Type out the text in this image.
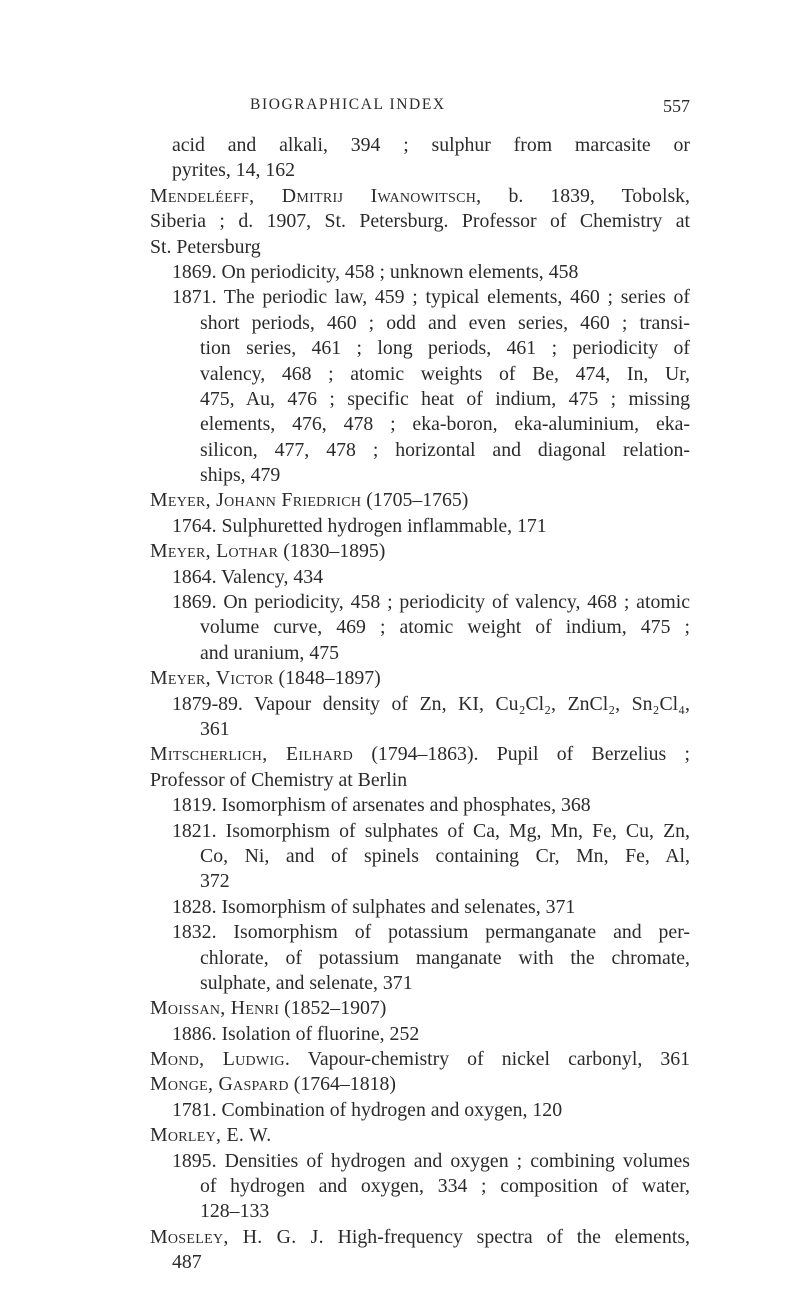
BIOGRAPHICAL INDEX	557
acid and alkali, 394 ; sulphur from marcasite or
pyrites, 14, 162
Mendeléeff, Dmitrij Iwanowitsch, b. 1839, Tobolsk,
Siberia ; d. 1907, St. Petersburg. Professor of Chemistry at
St. Petersburg
1869. On periodicity, 458 ; unknown elements, 458
1871. The periodic law, 459 ; typical elements, 460 ; series of
short periods, 460 ; odd and even series, 460 ; transi-
tion series, 461 ; long periods, 461 ; periodicity of
valency, 468 ; atomic weights of Be, 474, In, Ur,
475, Au, 476 ; specific heat of indium, 475 ; missing
elements, 476, 478 ; eka-boron, eka-aluminium, eka-
silicon, 477, 478 ; horizontal and diagonal relation-
ships, 479
Meyer, Johann Friedrich (1705–1765)
1764. Sulphuretted hydrogen inflammable, 171
Meyer, Lothar (1830–1895)
1864. Valency, 434
1869. On periodicity, 458 ; periodicity of valency, 468 ; atomic
volume curve, 469 ; atomic weight of indium, 475 ;
and uranium, 475
Meyer, Victor (1848–1897)
1879-89. Vapour density of Zn, KI, Cu₂Cl₂, ZnCl₂, Sn₂Cl₄,
361
Mitscherlich, Eilhard (1794–1863). Pupil of Berzelius ;
Professor of Chemistry at Berlin
1819. Isomorphism of arsenates and phosphates, 368
1821. Isomorphism of sulphates of Ca, Mg, Mn, Fe, Cu, Zn,
Co, Ni, and of spinels containing Cr, Mn, Fe, Al,
372
1828. Isomorphism of sulphates and selenates, 371
1832. Isomorphism of potassium permanganate and per-
chlorate, of potassium manganate with the chromate,
sulphate, and selenate, 371
Moissan, Henri (1852–1907)
1886. Isolation of fluorine, 252
Mond, Ludwig. Vapour-chemistry of nickel carbonyl, 361
Monge, Gaspard (1764–1818)
1781. Combination of hydrogen and oxygen, 120
Morley, E. W.
1895. Densities of hydrogen and oxygen ; combining volumes
of hydrogen and oxygen, 334 ; composition of water,
128–133
Moseley, H. G. J. High-frequency spectra of the elements,
487
